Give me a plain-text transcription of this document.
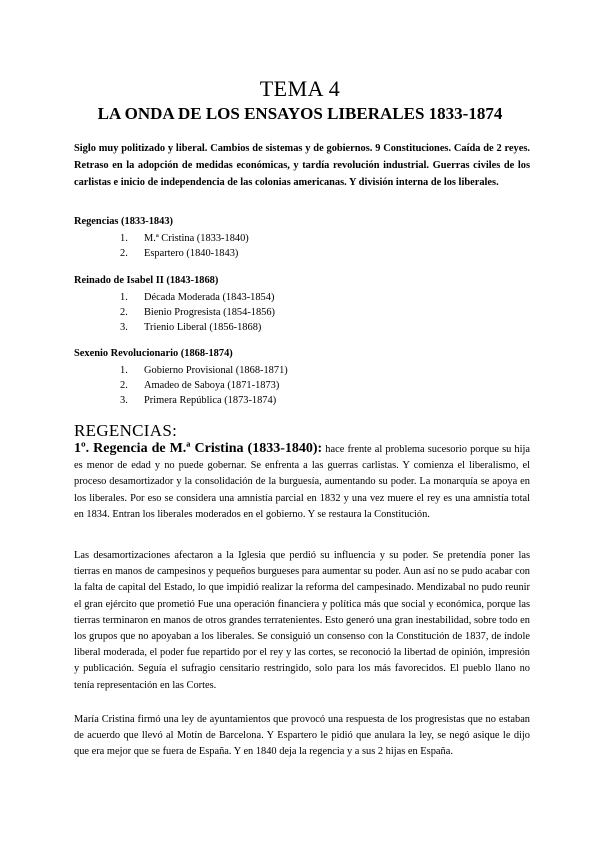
TEMA 4
LA ONDA DE LOS ENSAYOS LIBERALES 1833-1874
Siglo muy politizado y liberal. Cambios de sistemas y de gobiernos. 9 Constituciones. Caída de 2 reyes. Retraso en la adopción de medidas económicas, y tardía revolución industrial. Guerras civiles de los carlistas e inicio de independencia de las colonias americanas. Y división interna de los liberales.
Regencias (1833-1843)
1. M.ª Cristina (1833-1840)
2. Espartero (1840-1843)
Reinado de Isabel II (1843-1868)
1. Década Moderada (1843-1854)
2. Bienio Progresista (1854-1856)
3. Trienio Liberal (1856-1868)
Sexenio Revolucionario (1868-1874)
1. Gobierno Provisional (1868-1871)
2. Amadeo de Saboya (1871-1873)
3. Primera República (1873-1874)
REGENCIAS:
1º. Regencia de M.ª Cristina (1833-1840): hace frente al problema sucesorio porque su hija es menor de edad y no puede gobernar. Se enfrenta a las guerras carlistas. Y comienza el liberalismo, el proceso desamortizador y la consolidación de la burguesía, aumentando su poder. La monarquía se apoya en los liberales. Por eso se considera una amnistía parcial en 1832 y una vez muere el rey es una amnistía total en 1834. Entran los liberales moderados en el gobierno. Y se restaura la Constitución.
Las desamortizaciones afectaron a la Iglesia que perdió su influencia y su poder. Se pretendía poner las tierras en manos de campesinos y pequeños burgueses para aumentar su poder. Aun así no se pudo acabar con la falta de capital del Estado, lo que impidió realizar la reforma del campesinado. Mendizabal no pudo reunir el gran ejército que prometió Fue una operación financiera y política más que social y económica, porque las tierras terminaron en manos de otros grandes terratenientes. Esto generó una gran inestabilidad, sobre todo en los grupos que no apoyaban a los liberales. Se consiguió un consenso con la Constitución de 1837, de índole liberal moderada, el poder fue repartido por el rey y las cortes, se reconoció la libertad de opinión, impresión y publicación. Seguía el sufragio censitario restringido, solo para los más favorecidos. El pueblo llano no tenía representación en las Cortes.
María Cristina firmó una ley de ayuntamientos que provocó una respuesta de los progresistas que no estaban de acuerdo que llevó al Motín de Barcelona. Y Espartero le pidió que anulara la ley, se negó asique le dijo que era mejor que se fuera de España. Y en 1840 deja la regencia y a sus 2 hijas en España.
